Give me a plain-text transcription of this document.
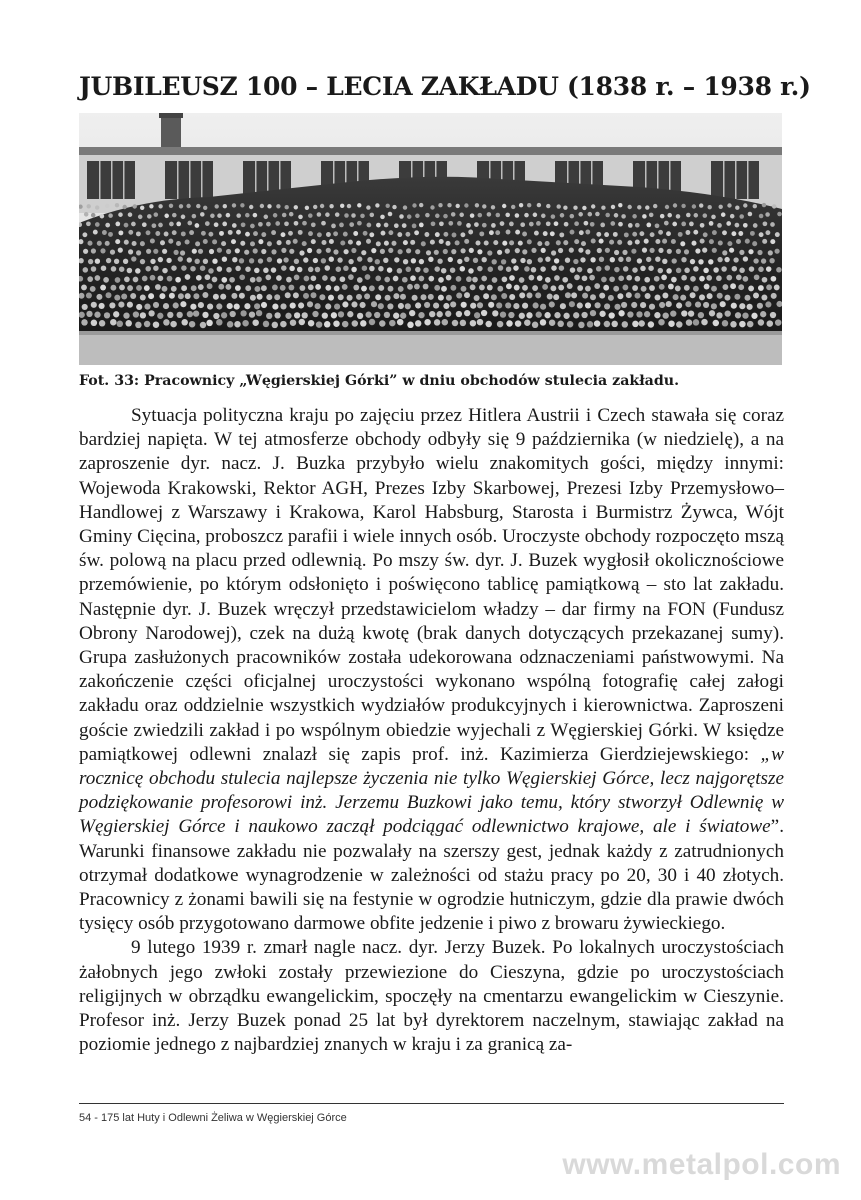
JUBILEUSZ 100 – LECIA ZAKŁADU (1838 r. – 1938 r.)

Fot. 33: Pracownicy „Węgierskiej Górki” w dniu obchodów stulecia zakładu.

Sytuacja polityczna kraju po zajęciu przez Hitlera Austrii i Czech stawała się coraz bardziej napięta. W tej atmosferze obchody odbyły się 9 października (w niedzielę), a na zaproszenie dyr. nacz. J. Buzka przybyło wielu znakomitych gości, między innymi: Wojewoda Krakowski, Rektor AGH, Prezes Izby Skarbowej, Prezesi Izby Przemysłowo–Handlowej z Warszawy i Krakowa, Karol Habsburg, Starosta i Burmistrz Żywca, Wójt Gminy Cięcina, proboszcz parafii i wiele innych osób. Uroczyste obchody rozpoczęto mszą św. polową na placu przed odlewnią. Po mszy św. dyr. J. Buzek wygłosił okolicznościowe przemówienie, po którym odsłonięto i poświęcono tablicę pamiątkową – sto lat zakładu. Następnie dyr. J. Buzek wręczył przedstawicielom władzy – dar firmy na FON (Fundusz Obrony Narodowej), czek na dużą kwotę (brak danych dotyczących przekazanej sumy). Grupa zasłużonych pracowników została udekorowana odznaczeniami państwowymi. Na zakończenie części oficjalnej uroczystości wykonano wspólną fotografię całej załogi zakładu oraz oddzielnie wszystkich wydziałów produkcyjnych i kierownictwa. Zaproszeni goście zwiedzili zakład i po wspólnym obiedzie wyjechali z Węgierskiej Górki. W księdze pamiątkowej odlewni znalazł się zapis prof. inż. Kazimierza Gierdziejewskiego: „w rocznicę obchodu stulecia najlepsze życzenia nie tylko Węgierskiej Górce, lecz najgorętsze podziękowanie profesorowi inż. Jerzemu Buzkowi jako temu, który stworzył Odlewnię w Węgierskiej Górce i naukowo zaczął podciągać odlewnictwo krajowe, ale i światowe”. Warunki finansowe zakładu nie pozwalały na szerszy gest, jednak każdy z zatrudnionych otrzymał dodatkowe wynagrodzenie w zależności od stażu pracy po 20, 30 i 40 złotych. Pracownicy z żonami bawili się na festynie w ogrodzie hutniczym, gdzie dla prawie dwóch tysięcy osób przygotowano darmowe obfite jedzenie i piwo z browaru żywieckiego.

9 lutego 1939 r. zmarł nagle nacz. dyr. Jerzy Buzek. Po lokalnych uroczystościach żałobnych jego zwłoki zostały przewiezione do Cieszyna, gdzie po uroczystościach religijnych w obrządku ewangelickim, spoczęły na cmentarzu ewangelickim w Cieszynie. Profesor inż. Jerzy Buzek ponad 25 lat był dyrektorem naczelnym, stawiając zakład na poziomie jednego z najbardziej znanych w kraju i za granicą za-

54 - 175 lat Huty i Odlewni Żeliwa w Węgierskiej Górce
www.metalpol.com
